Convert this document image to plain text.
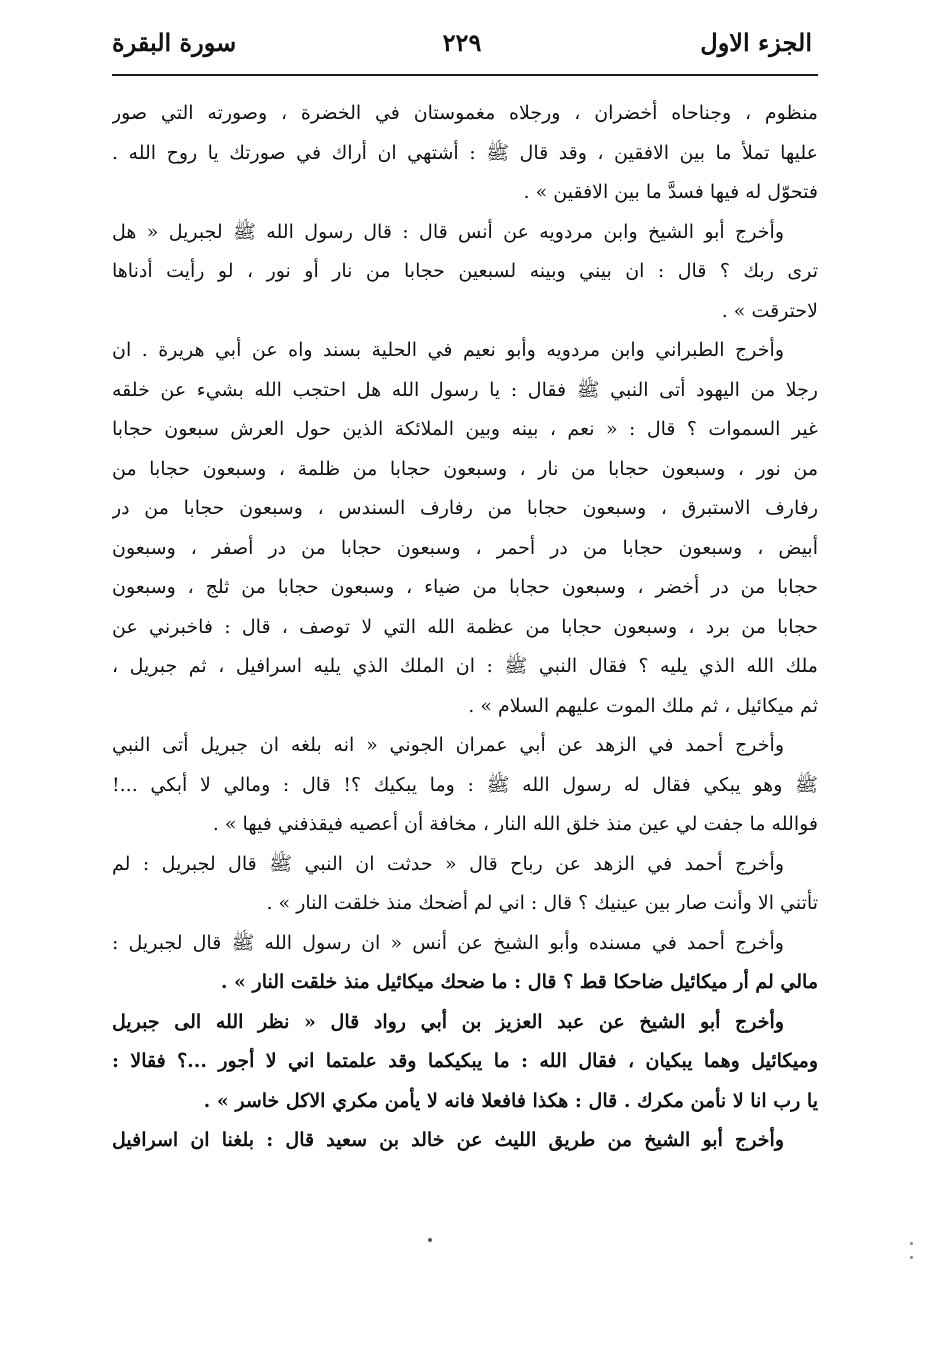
الجزء الاول
٢٢٩
سورة البقرة
منظوم ، وجناحاه أخضران ، ورجلاه مغموستان في الخضرة ، وصورته التي صور
عليها تملأ ما بين الافقين ، وقد قال ﷺ : أشتهي ان أراك في صورتك يا روح الله .
فتحوّل له فيها فسدَّ ما بين الافقين » .
وأخرج أبو الشيخ وابن مردويه عن أنس قال : قال رسول الله ﷺ لجبريل « هل
ترى ربك ؟ قال : ان بيني وبينه لسبعين حجابا من نار أو نور ، لو رأيت أدناها
لاحترقت » .
وأخرج الطبراني وابن مردويه وأبو نعيم في الحلية بسند واه عن أبي هريرة . ان
رجلا من اليهود أتى النبي ﷺ فقال : يا رسول الله هل احتجب الله بشيء عن خلقه
غير السموات ؟ قال : « نعم ، بينه وبين الملائكة الذين حول العرش سبعون حجابا
من نور ، وسبعون حجابا من نار ، وسبعون حجابا من ظلمة ، وسبعون حجابا من
رفارف الاستبرق ، وسبعون حجابا من رفارف السندس ، وسبعون حجابا من در
أبيض ، وسبعون حجابا من در أحمر ، وسبعون حجابا من در أصفر ، وسبعون
حجابا من در أخضر ، وسبعون حجابا من ضياء ، وسبعون حجابا من ثلج ، وسبعون
حجابا من برد ، وسبعون حجابا من عظمة الله التي لا توصف ، قال : فاخبرني عن
ملك الله الذي يليه ؟ فقال النبي ﷺ : ان الملك الذي يليه اسرافيل ، ثم جبريل ،
ثم ميكائيل ، ثم ملك الموت عليهم السلام » .
وأخرج أحمد في الزهد عن أبي عمران الجوني « انه بلغه ان جبريل أتى النبي
ﷺ وهو يبكي فقال له رسول الله ﷺ : وما يبكيك ؟! قال : ومالي لا أبكي ...!
فوالله ما جفت لي عين منذ خلق الله النار ، مخافة أن أعصيه فيقذفني فيها » .
وأخرج أحمد في الزهد عن رباح قال « حدثت ان النبي ﷺ قال لجبريل : لم
تأتني الا وأنت صار بين عينيك ؟ قال : اني لم أضحك منذ خلقت النار » .
وأخرج أحمد في مسنده وأبو الشيخ عن أنس « ان رسول الله ﷺ قال لجبريل :
مالي لم أر ميكائيل ضاحكا قط ؟ قال : ما ضحك ميكائيل منذ خلقت النار » .
وأخرج أبو الشيخ عن عبد العزيز بن أبي رواد قال « نظر الله الى جبريل
وميكائيل وهما يبكيان ، فقال الله : ما يبكيكما وقد علمتما اني لا أجور ...؟ فقالا :
يا رب انا لا نأمن مكرك . قال : هكذا فافعلا فانه لا يأمن مكري الاكل خاسر » .
وأخرج أبو الشيخ من طريق الليث عن خالد بن سعيد قال : بلغنا ان اسرافيل
